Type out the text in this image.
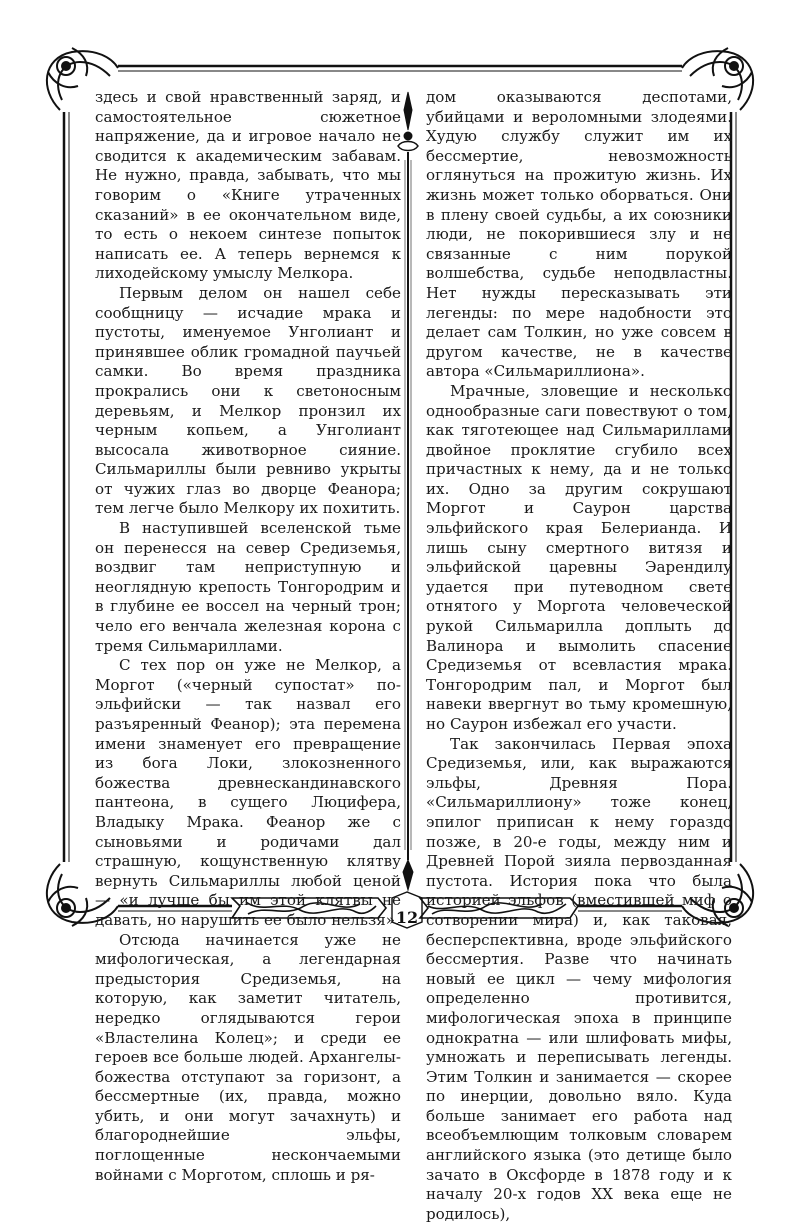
здесь и свой нравственный заряд, и самостоятельное сюжетное напряжение, да и игровое начало не сводится к академическим забавам. Не нужно, правда, забывать, что мы говорим о «Книге утраченных сказаний» в ее окончательном виде, то есть о некоем синтезе попыток написать ее. А теперь вернемся к лиходейскому умыслу Мелкора.

Первым делом он нашел себе сообщницу — исчадие мрака и пустоты, именуемое Унголиант и принявшее облик громадной паучьей самки. Во время праздника прокрались они к светоносным деревьям, и Мелкор пронзил их черным копьем, а Унголиант высосала животворное сияние. Сильмариллы были ревниво укрыты от чужих глаз во дворце Феанора; тем легче было Мелкору их похитить.

В наступившей вселенской тьме он перенесся на север Средиземья, воздвиг там неприступную и неоглядную крепость Тонгородрим и в глубине ее воссел на черный трон; чело его венчала железная корона с тремя Сильмариллами.

С тех пор он уже не Мелкор, а Моргот («черный супостат» по-эльфийски — так назвал его разъяренный Феанор); эта перемена имени знаменует его превращение из бога Локи, злокозненного божества древнескандинавского пантеона, в сущего Люцифера, Владыку Мрака. Феанор же с сыновьями и родичами дал страшную, кощунственную клятву вернуть Сильмариллы любой ценой — «и лучше бы им этой клятвы не давать, но нарушить ее было нельзя».

Отсюда начинается уже не мифологическая, а легендарная предыстория Средиземья, на которую, как заметит читатель, нередко оглядываются герои «Властелина Колец»; и среди ее героев все больше людей. Архангелы-божества отступают за горизонт, а бессмертные (их, правда, можно убить, и они могут зачахнуть) и благороднейшие эльфы, поглощенные нескончаемыми войнами с Морготом, сплошь и ря-

дом оказываются деспотами, убийцами и вероломными злодеями. Худую службу служит им их бессмертие, невозможность оглянуться на прожитую жизнь. Их жизнь может только оборваться. Они в плену своей судьбы, а их союзники люди, не покорившиеся злу и не связанные с ним порукой волшебства, судьбе неподвластны. Нет нужды пересказывать эти легенды: по мере надобности это делает сам Толкин, но уже совсем в другом качестве, не в качестве автора «Сильмариллиона».

Мрачные, зловещие и несколько однообразные саги повествуют о том, как тяготеющее над Сильмариллами двойное проклятие сгубило всех причастных к нему, да и не только их. Одно за другим сокрушают Моргот и Саурон царства эльфийского края Белерианда. И лишь сыну смертного витязя и эльфийской царевны Эарендилу удается при путеводном свете отнятого у Моргота человеческой рукой Сильмарилла доплыть до Валинора и вымолить спасение Средиземья от всевластия мрака. Тонгородрим пал, и Моргот был навеки ввергнут во тьму кромешную, но Саурон избежал его участи.

Так закончилась Первая эпоха Средиземья, или, как выражаются эльфы, Древняя Пора. «Сильмариллиону» тоже конец, эпилог приписан к нему гораздо позже, в 20-е годы, между ним и Древней Порой зияла первозданная пустота. История пока что была историей эльфов (вместившей миф о сотворении мира) и, как таковая, бесперспективна, вроде эльфийского бессмертия. Разве что начинать новый ее цикл — чему мифология определенно противится, мифологическая эпоха в принципе однократна — или шлифовать мифы, умножать и переписывать легенды. Этим Толкин и занимается — скорее по инерции, довольно вяло. Куда больше занимает его работа над всеобъемлющим толковым словарем английского языка (это детище было зачато в Оксфорде в 1878 году и к началу 20-х годов XX века еще не родилось),

12
